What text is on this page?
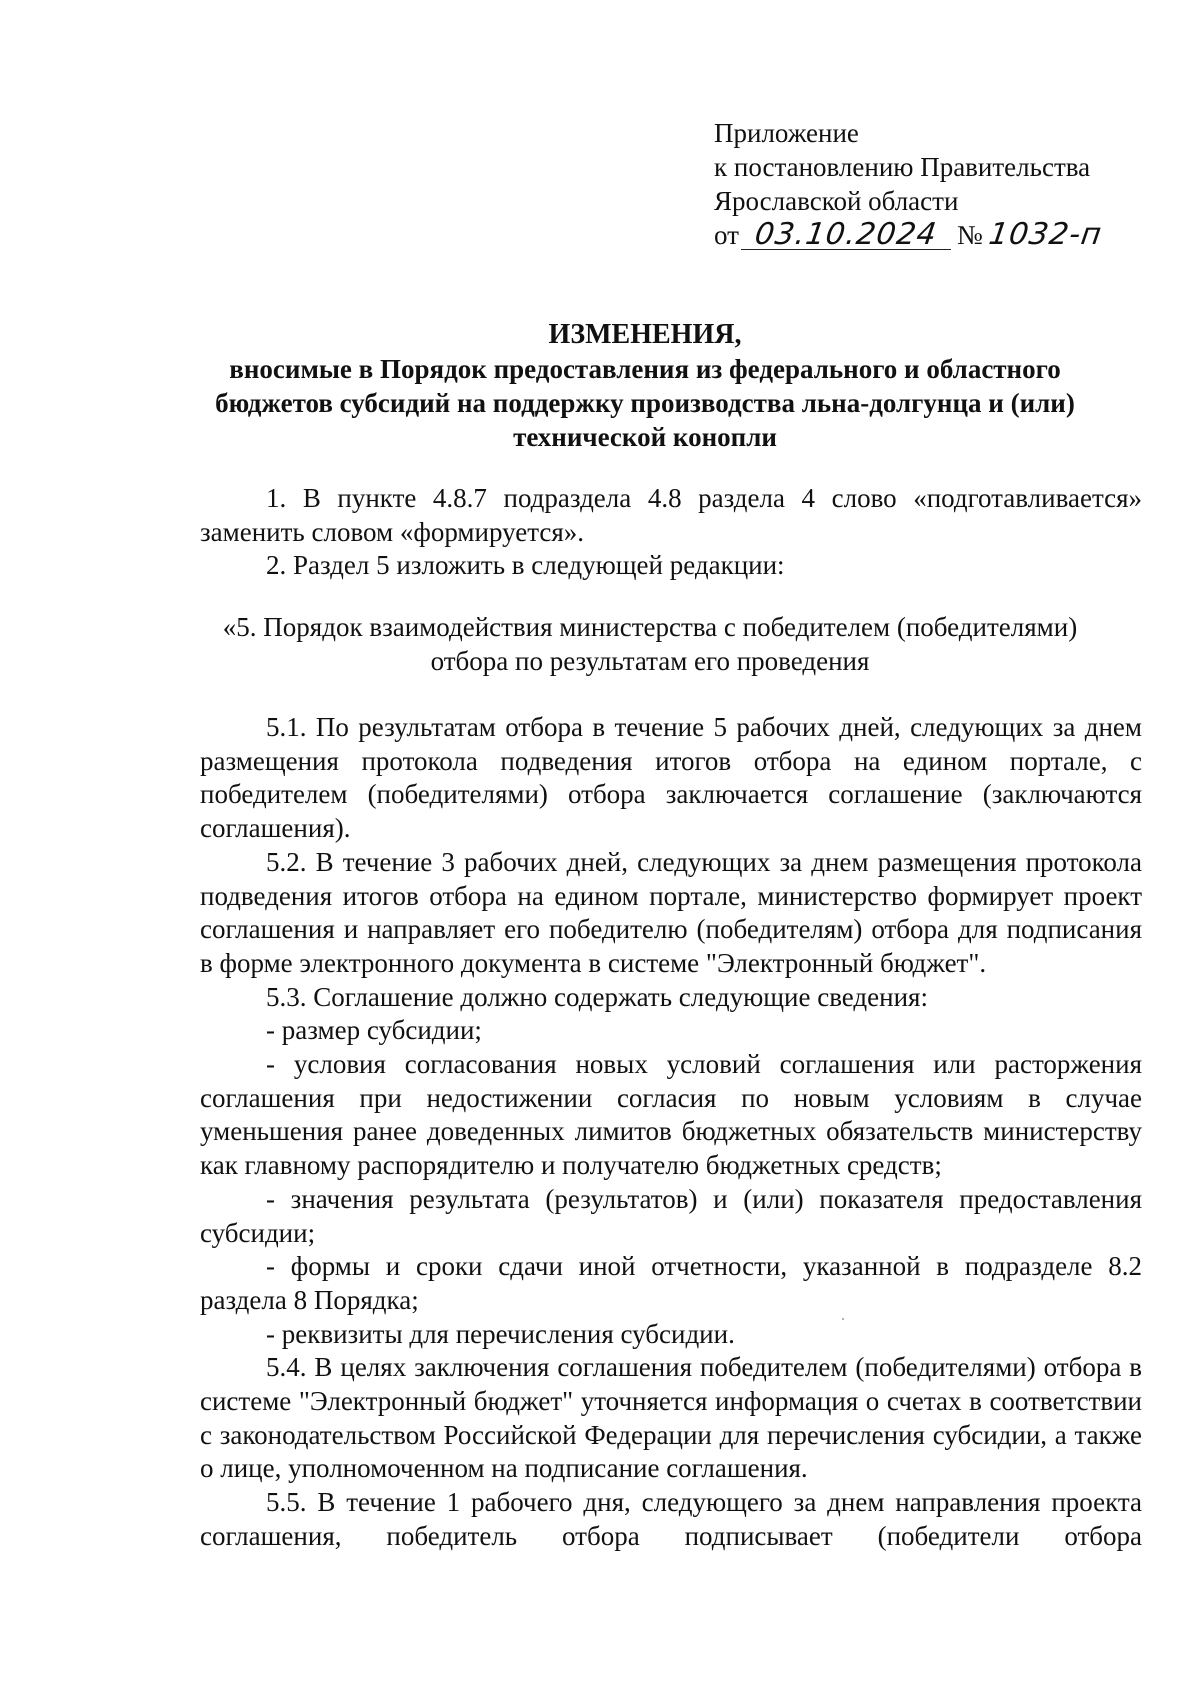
Приложение
к постановлению Правительства
Ярославской области
от 03.10.2024 № 1032-п
ИЗМЕНЕНИЯ,
вносимые в Порядок предоставления из федерального и областного бюджетов субсидий на поддержку производства льна-долгунца и (или) технической конопли

1. В пункте 4.8.7 подраздела 4.8 раздела 4 слово «подготавливается» заменить словом «формируется».

2. Раздел 5 изложить в следующей редакции:

«5. Порядок взаимодействия министерства с победителем (победителями)
отбора по результатам его проведения

5.1. По результатам отбора в течение 5 рабочих дней, следующих за днем размещения протокола подведения итогов отбора на едином портале, с победителем (победителями) отбора заключается соглашение (заключаются соглашения).

5.2. В течение 3 рабочих дней, следующих за днем размещения протокола подведения итогов отбора на едином портале, министерство формирует проект соглашения и направляет его победителю (победителям) отбора для подписания в форме электронного документа в системе "Электронный бюджет".

5.3. Соглашение должно содержать следующие сведения:

- размер субсидии;

- условия согласования новых условий соглашения или расторжения соглашения при недостижении согласия по новым условиям в случае уменьшения ранее доведенных лимитов бюджетных обязательств министерству как главному распорядителю и получателю бюджетных средств;

- значения результата (результатов) и (или) показателя предоставления субсидии;

- формы и сроки сдачи иной отчетности, указанной в подразделе 8.2 раздела 8 Порядка;

- реквизиты для перечисления субсидии.

5.4. В целях заключения соглашения победителем (победителями) отбора в системе "Электронный бюджет" уточняется информация о счетах в соответствии с законодательством Российской Федерации для перечисления субсидии, а также о лице, уполномоченном на подписание соглашения.

5.5. В течение 1 рабочего дня, следующего за днем направления проекта соглашения, победитель отбора подписывает (победители отбора
